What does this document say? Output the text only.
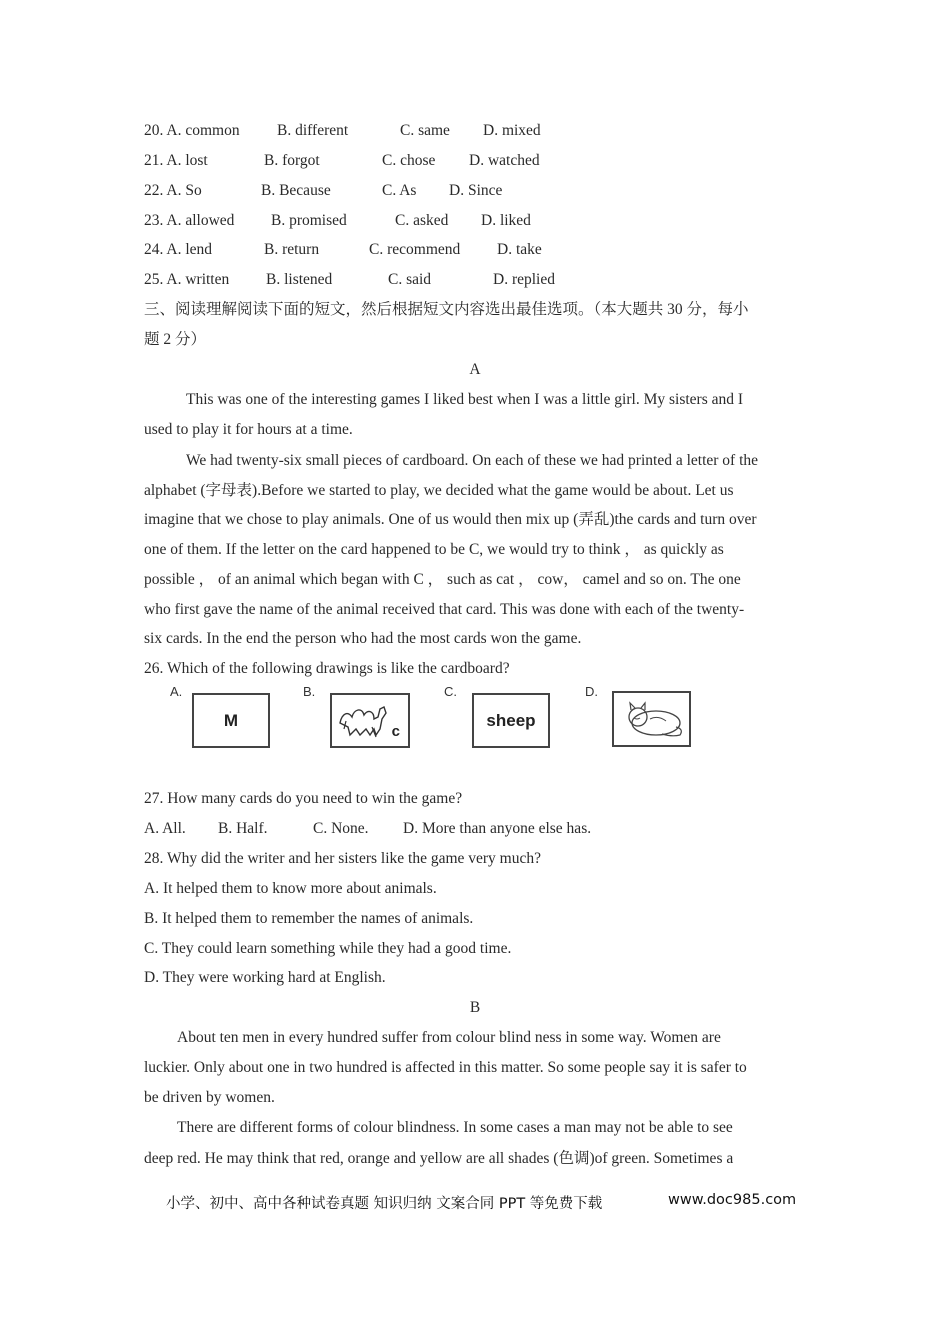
20. A. common B. different	C. same D. mixed
21. A. lost	B. forgot	C. chose D. watched
22. A. So	B. Because	C. As D. Since
23. A. allowed B. promised	C. asked D. liked
24. A. lend	B. return	C. recommend D. take
25. A. written B. listened	C. said	D. replied
三、阅读理解阅读下面的短文，然后根据短文内容选出最佳选项。（本大题共 30 分，每小
题 2 分）
A
This was one of the interesting games I liked best when I was a little girl. My sisters and I
used to play it for hours at a time.
We had twenty-six small pieces of cardboard. On each of these we had printed a letter of the
alphabet (字母表).Before we started to play, we decided what the game would be about. Let us
imagine that we chose to play animals. One of us would then mix up (弄乱)the cards and turn over
one of them. If the letter on the card happened to be C, we would try to think ， as quickly as
possible ， of an animal which began with C ， such as cat ， cow， camel and so on. The one
who first gave the name of the animal received that card. This was done with each of the twenty-
six cards. In the end the person who had the most cards won the game.
26. Which of the following drawings is like the cardboard?
A.
M
B.
c
C.
sheep
D.
27. How many cards do you need to win the game?
A. All. B. Half.	C. None. D. More than anyone else has.
28. Why did the writer and her sisters like the game very much?
A. It helped them to know more about animals.
B. It helped them to remember the names of animals.
C. They could learn something while they had a good time.
D. They were working hard at English.
B
About ten men in every hundred suffer from colour blind ness in some way. Women are
luckier. Only about one in two hundred is affected in this matter. So some people say it is safer to
be driven by women.
There are different forms of colour blindness. In some cases a man may not be able to see
deep red. He may think that red, orange and yellow are all shades (色调)of green. Sometimes a
小学、初中、高中各种试卷真题 知识归纳 文案合同 PPT 等免费下载	www.doc985.com
